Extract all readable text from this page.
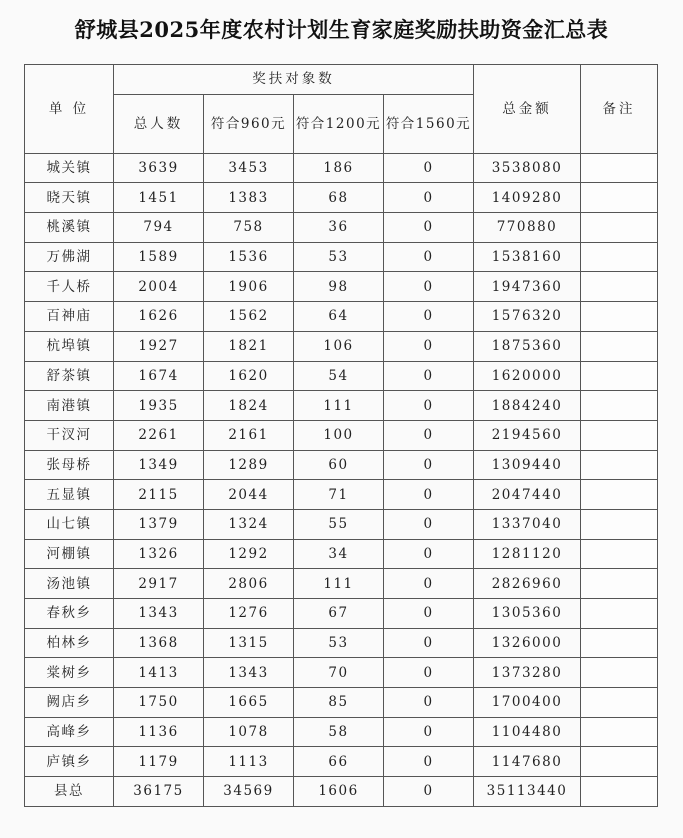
舒城县2025年度农村计划生育家庭奖励扶助资金汇总表
单 位	奖扶对象数				总金额	备注
	总人数	符合960元	符合1200元	符合1560元		
城关镇	3639	3453	186	0	3538080	
晓天镇	1451	1383	68	0	1409280	
桃溪镇	794	758	36	0	770880	
万佛湖	1589	1536	53	0	1538160	
千人桥	2004	1906	98	0	1947360	
百神庙	1626	1562	64	0	1576320	
杭埠镇	1927	1821	106	0	1875360	
舒茶镇	1674	1620	54	0	1620000	
南港镇	1935	1824	111	0	1884240	
干汊河	2261	2161	100	0	2194560	
张母桥	1349	1289	60	0	1309440	
五显镇	2115	2044	71	0	2047440	
山七镇	1379	1324	55	0	1337040	
河棚镇	1326	1292	34	0	1281120	
汤池镇	2917	2806	111	0	2826960	
春秋乡	1343	1276	67	0	1305360	
柏林乡	1368	1315	53	0	1326000	
棠树乡	1413	1343	70	0	1373280	
阙店乡	1750	1665	85	0	1700400	
高峰乡	1136	1078	58	0	1104480	
庐镇乡	1179	1113	66	0	1147680	
县总	36175	34569	1606	0	35113440	
